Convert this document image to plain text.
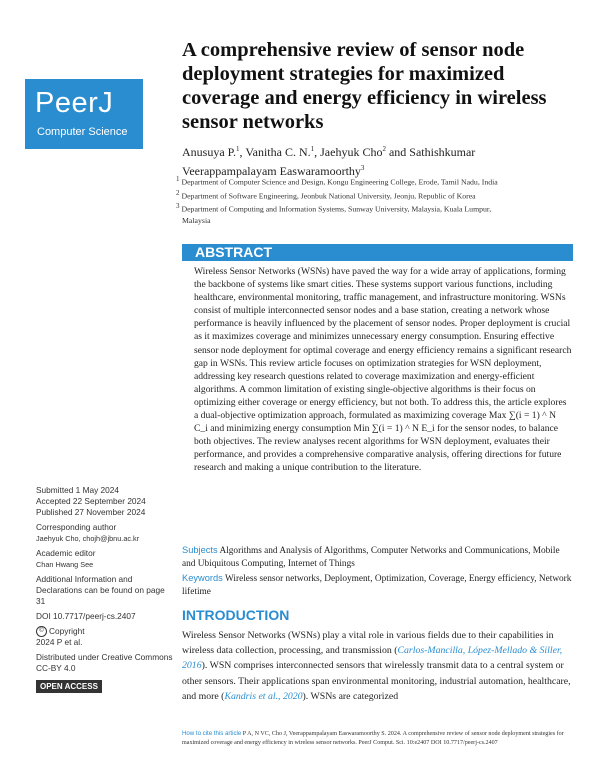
PeerJ
Computer Science
A comprehensive review of sensor node deployment strategies for maximized coverage and energy efficiency in wireless sensor networks
Anusuya P.$^1$, Vanitha C. N.$^1$, Jaehyuk Cho$^2$ and Sathishkumar Veerappampalayam Easwaramoorthy$^3$
$^1$ Department of Computer Science and Design, Kongu Engineering College, Erode, Tamil Nadu, India
$^2$ Department of Software Engineering, Jeonbuk National University, Jeonju, Republic of Korea
$^3$ Department of Computing and Information Systems, Sunway University, Malaysia, Kuala Lumpur, Malaysia
ABSTRACT
Wireless Sensor Networks (WSNs) have paved the way for a wide array of applications, forming the backbone of systems like smart cities. These systems support various functions, including healthcare, environmental monitoring, traffic management, and infrastructure monitoring. WSNs consist of multiple interconnected sensor nodes and a base station, creating a network whose performance is heavily influenced by the placement of sensor nodes. Proper deployment is crucial as it maximizes coverage and minimizes unnecessary energy consumption. Ensuring effective sensor node deployment for optimal coverage and energy efficiency remains a significant research gap in WSNs. This review article focuses on optimization strategies for WSN deployment, addressing key research questions related to coverage maximization and energy-efficient algorithms. A common limitation of existing single-objective algorithms is their focus on optimizing either coverage or energy efficiency, but not both. To address this, the article explores a dual-objective optimization approach, formulated as maximizing coverage Max ∑(i = 1) ^ N C_i and minimizing energy consumption Min ∑(i = 1) ^ N E_i for the sensor nodes, to balance both objectives. The review analyses recent algorithms for WSN deployment, evaluates their performance, and provides a comprehensive comparative analysis, offering directions for future research and making a unique contribution to the literature.

Subjects Algorithms and Analysis of Algorithms, Computer Networks and Communications, Mobile and Ubiquitous Computing, Internet of Things

Keywords Wireless sensor networks, Deployment, Optimization, Coverage, Energy efficiency, Network lifetime

Submitted 1 May 2024
Accepted 22 September 2024
Published 27 November 2024
Corresponding author
Jaehyuk Cho, chojh@jbnu.ac.kr
Academic editor
Chan Hwang See
Additional Information and Declarations can be found on page 31
DOI 10.7717/peerj-cs.2407
© Copyright
2024 P et al.
Distributed under Creative Commons CC-BY 4.0
OPEN ACCESS
INTRODUCTION
Wireless Sensor Networks (WSNs) play a vital role in various fields due to their capabilities in wireless data collection, processing, and transmission (Carlos-Mancilla, López-Mellado & Siller, 2016). WSN comprises interconnected sensors that wirelessly transmit data to a central system or other sensors. Their applications span environmental monitoring, industrial automation, healthcare, and more (Kandris et al., 2020). WSNs are categorized
How to cite this article P A, N VC, Cho J, Veerappampalayam Easwaramoorthy S. 2024. A comprehensive review of sensor node deployment strategies for maximized coverage and energy efficiency in wireless sensor networks. PeerJ Comput. Sci. 10:e2407 DOI 10.7717/peerj-cs.2407
